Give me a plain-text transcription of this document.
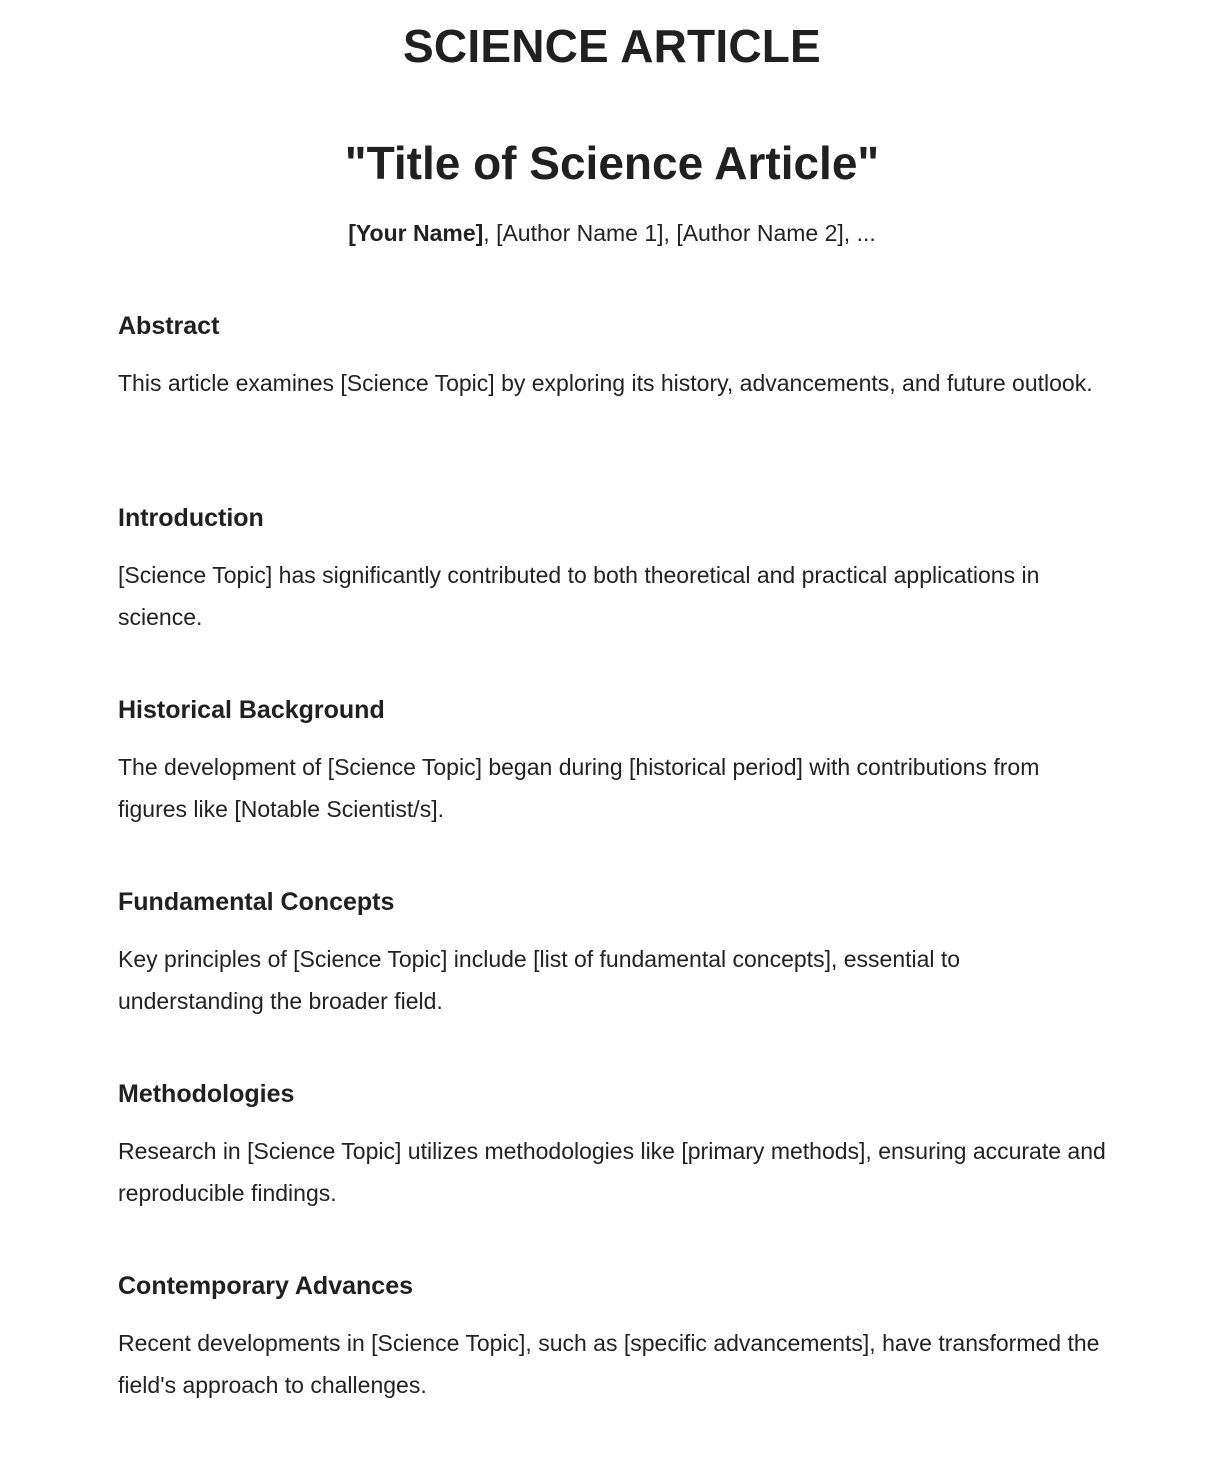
SCIENCE ARTICLE
"Title of Science Article"
[Your Name], [Author Name 1], [Author Name 2], ...
Abstract

This article examines [Science Topic] by exploring its history, advancements, and future outlook.

Introduction

[Science Topic] has significantly contributed to both theoretical and practical applications in science.

Historical Background

The development of [Science Topic] began during [historical period] with contributions from figures like [Notable Scientist/s].

Fundamental Concepts

Key principles of [Science Topic] include [list of fundamental concepts], essential to understanding the broader field.

Methodologies

Research in [Science Topic] utilizes methodologies like [primary methods], ensuring accurate and reproducible findings.

Contemporary Advances

Recent developments in [Science Topic], such as [specific advancements], have transformed the field's approach to challenges.
